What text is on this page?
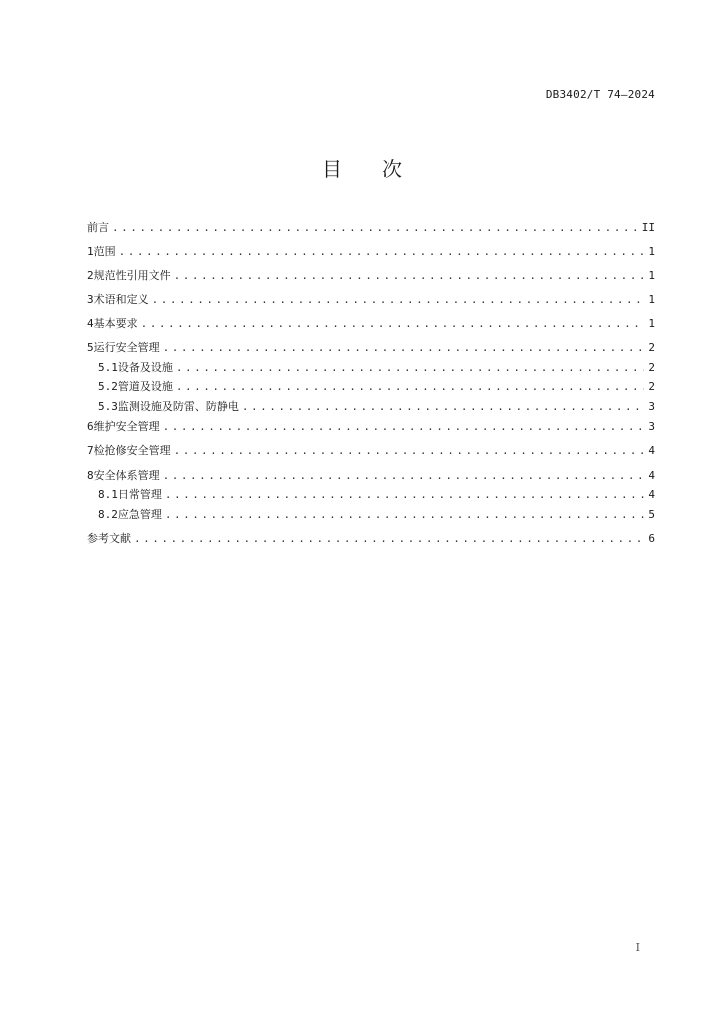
DB3402/T 74—2024
目 次
前言 .....	II
1 范围 .....	1
2 规范性引用文件 .....	1
3 术语和定义 .....	1
4 基本要求 .....	1
5 运行安全管理 .....	2
5.1 设备及设施 .....	2
5.2 管道及设施 .....	2
5.3 监测设施及防雷、防静电 .....	3
6 维护安全管理 .....	3
7 检抢修安全管理 .....	4
8 安全体系管理 .....	4
8.1 日常管理 .....	4
8.2 应急管理 .....	5
参考文献 .....	6
I
